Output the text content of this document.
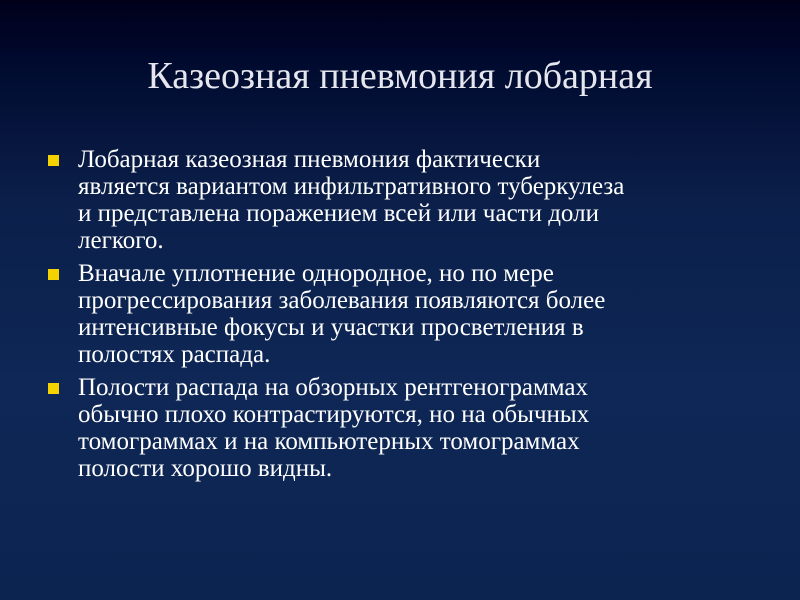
Казеозная пневмония лобарная
Лобарная казеозная пневмония фактически
является вариантом инфильтративного туберкулеза
и представлена поражением всей или части доли
легкого.
Вначале уплотнение однородное, но по мере
прогрессирования заболевания появляются более
интенсивные фокусы и участки просветления в
полостях распада.
Полости распада на обзорных рентгенограммах
обычно плохо контрастируются, но на обычных
томограммах и на компьютерных томограммах
полости хорошо видны.
